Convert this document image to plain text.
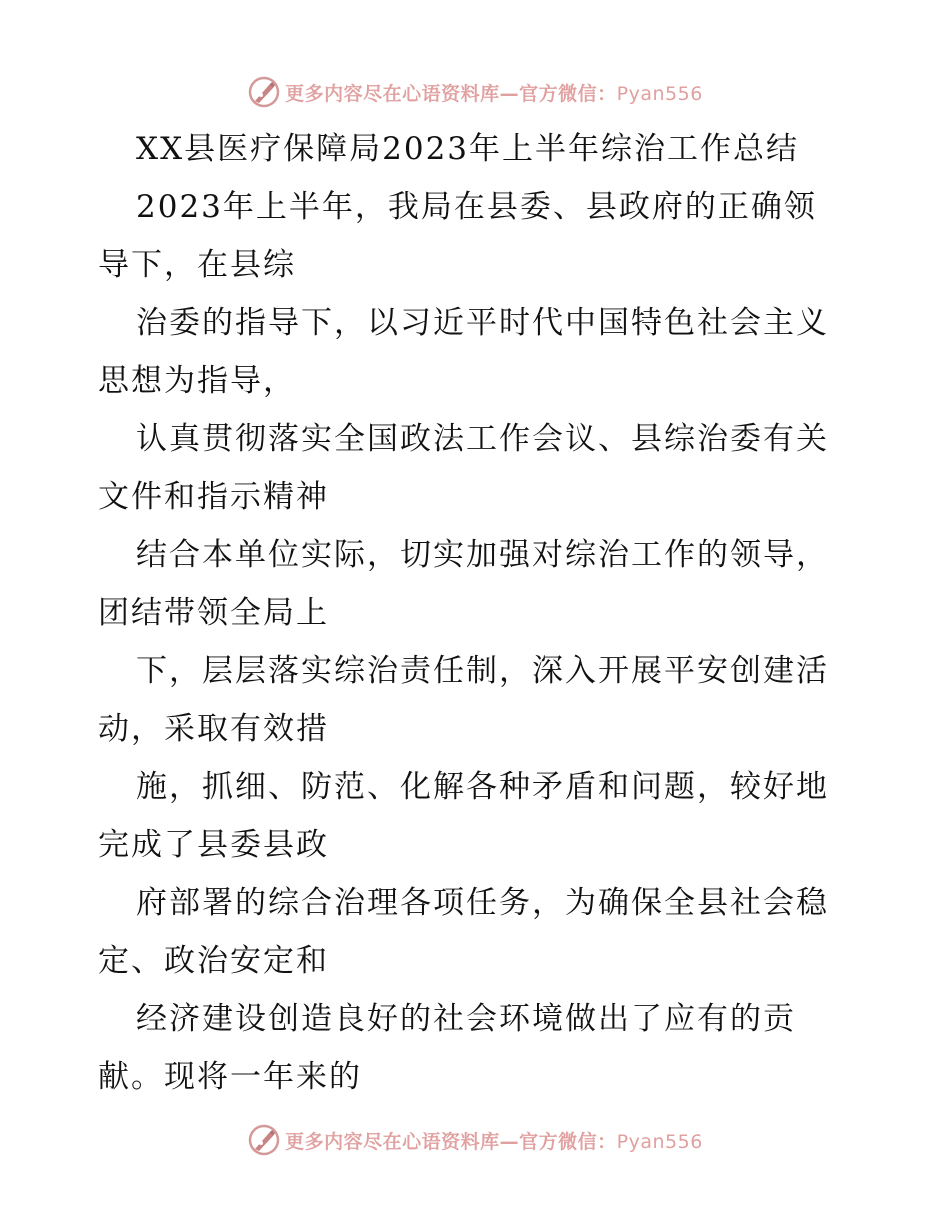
更多内容尽在心语资料库—官方微信：Pyan556
XX县医疗保障局2023年上半年综治工作总结
2023年上半年，我局在县委、县政府的正确领
导下，在县综
治委的指导下，以习近平时代中国特色社会主义
思想为指导，
认真贯彻落实全国政法工作会议、县综治委有关
文件和指示精神
结合本单位实际，切实加强对综治工作的领导，
团结带领全局上
下，层层落实综治责任制，深入开展平安创建活
动，采取有效措
施，抓细、防范、化解各种矛盾和问题，较好地
完成了县委县政
府部署的综合治理各项任务，为确保全县社会稳
定、政治安定和
经济建设创造良好的社会环境做出了应有的贡
献。现将一年来的
更多内容尽在心语资料库—官方微信：Pyan556
